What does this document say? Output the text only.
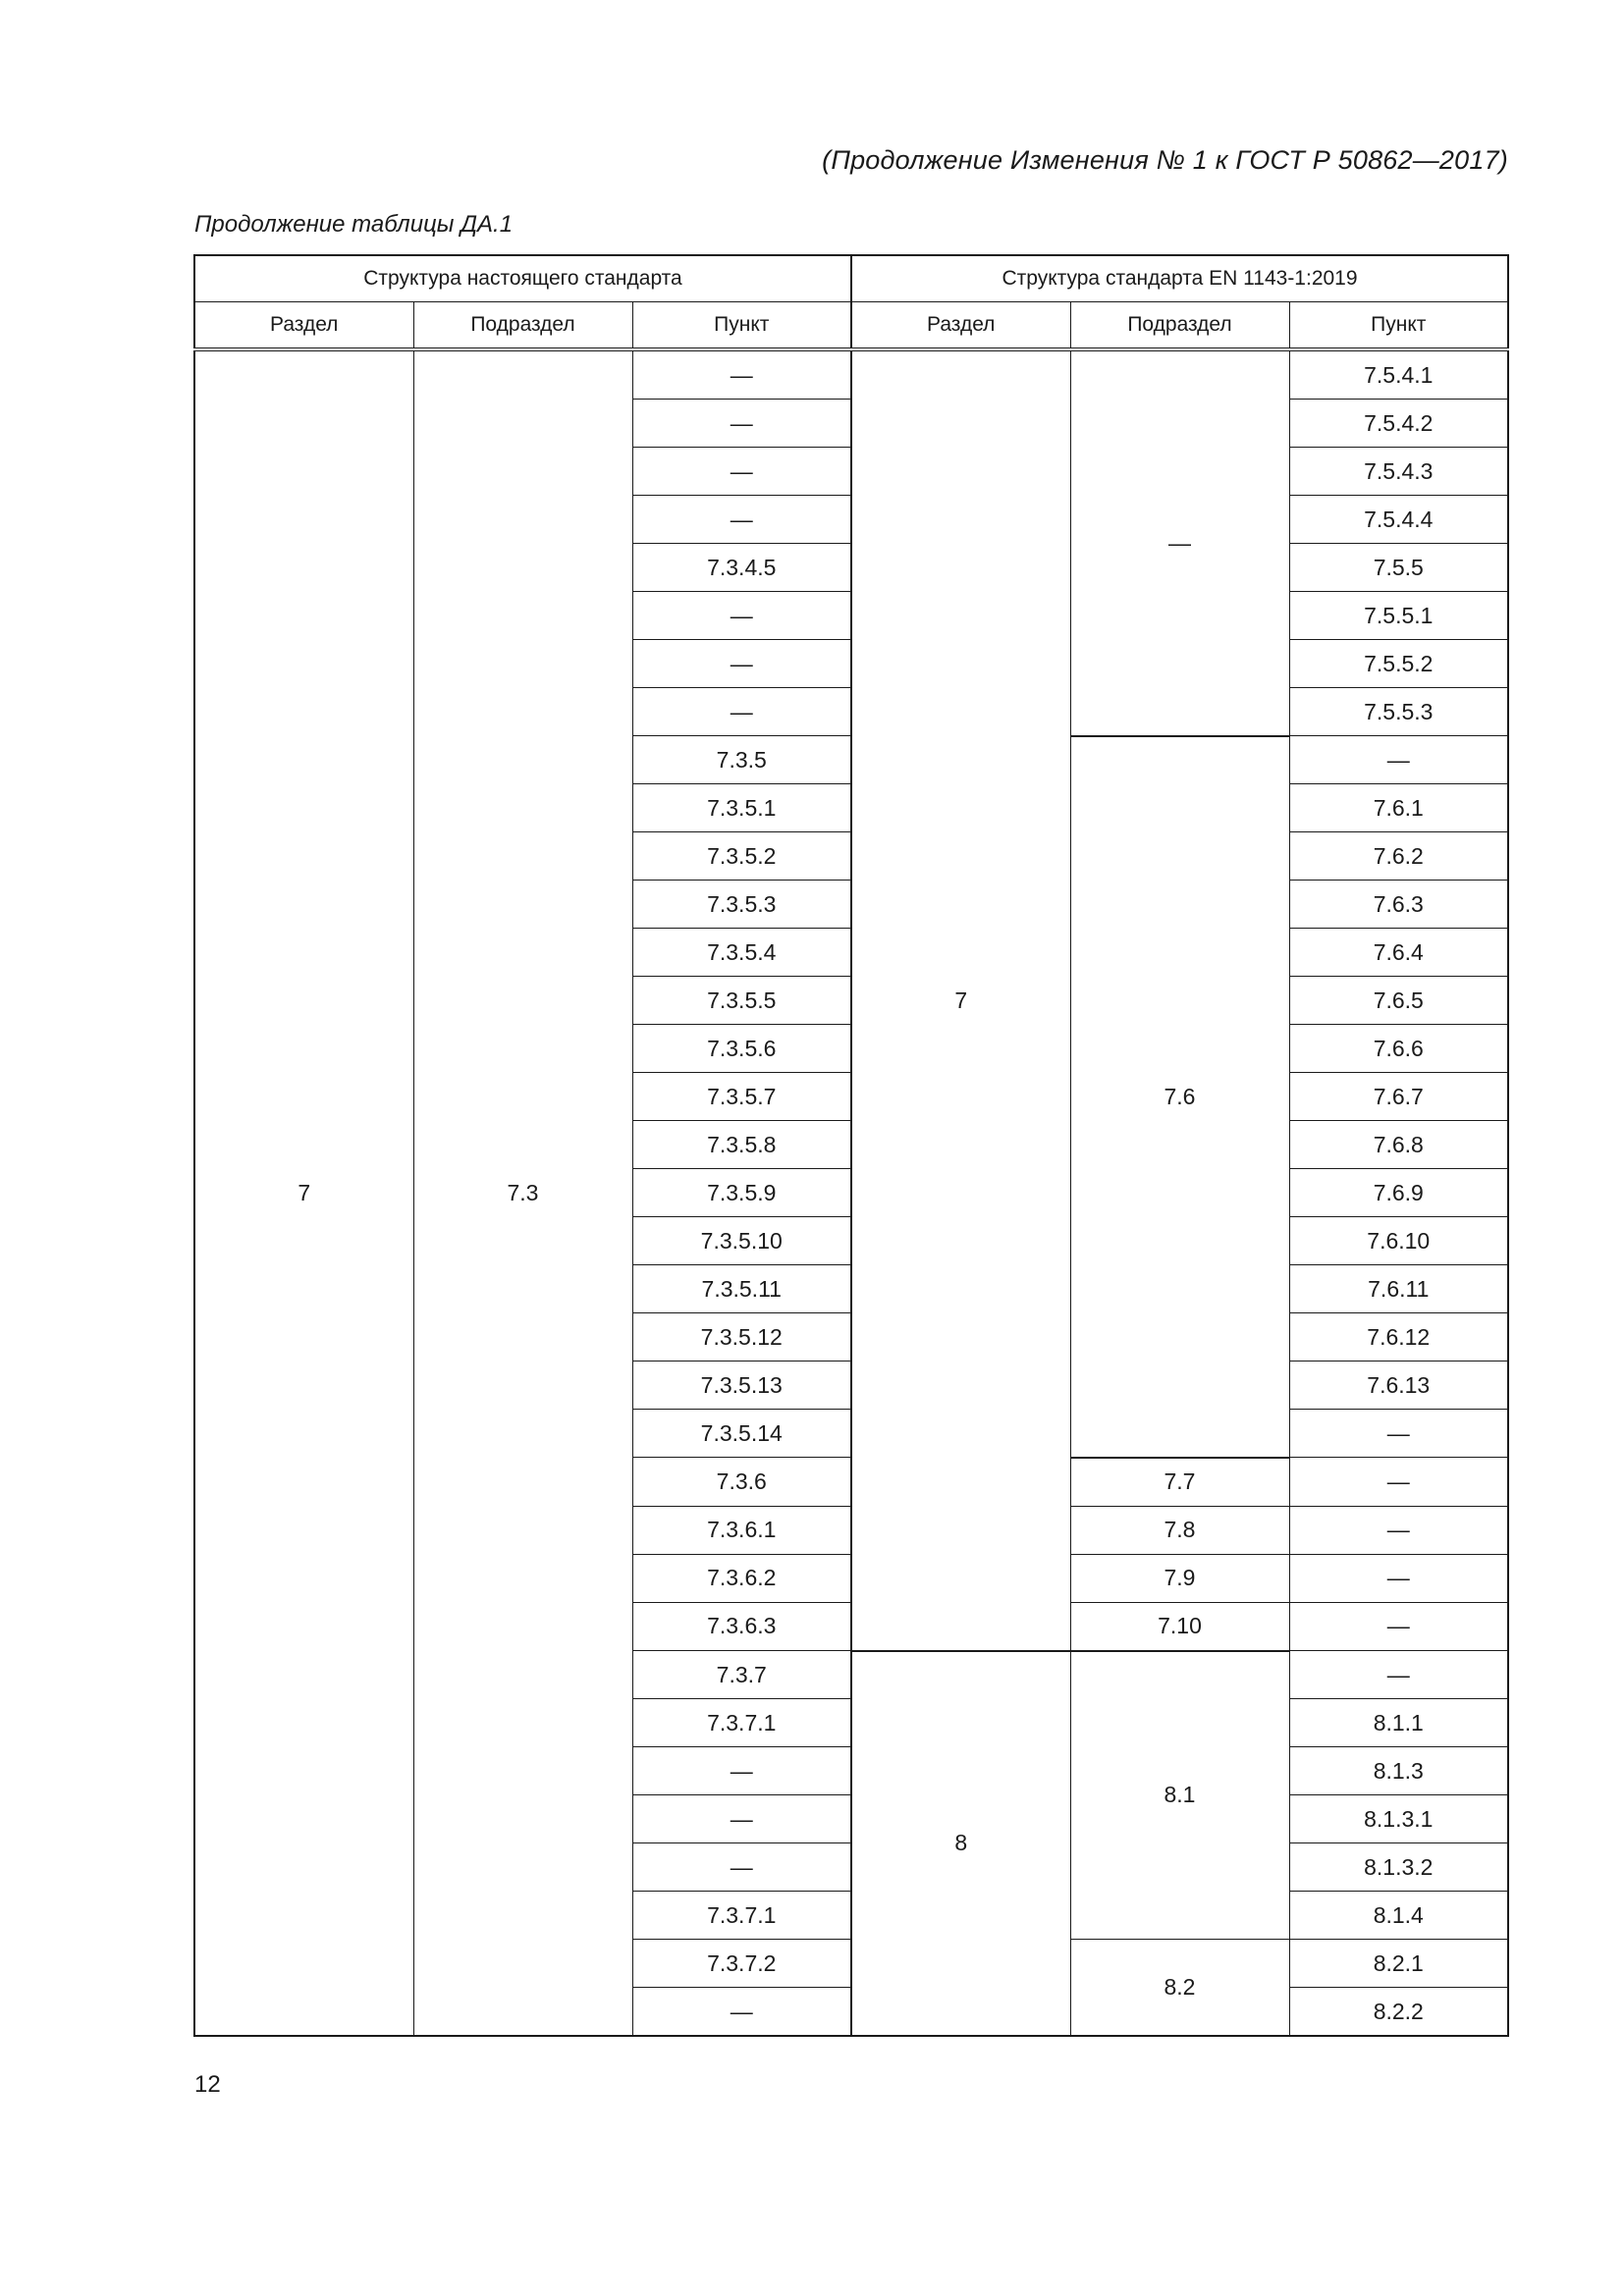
(Продолжение Изменения № 1 к ГОСТ Р 50862—2017)
Продолжение таблицы ДА.1
Структура настоящего стандарта			Структура стандарта EN 1143-1:2019		
Раздел	Подраздел	Пункт	Раздел	Подраздел	Пункт
7	7.3	—	7	—	7.5.4.1
		—			7.5.4.2
		—			7.5.4.3
		—			7.5.4.4
		7.3.4.5			7.5.5
		—			7.5.5.1
		—			7.5.5.2
		—			7.5.5.3
		7.3.5		7.6	—
		7.3.5.1			7.6.1
		7.3.5.2			7.6.2
		7.3.5.3			7.6.3
		7.3.5.4			7.6.4
		7.3.5.5			7.6.5
		7.3.5.6			7.6.6
		7.3.5.7			7.6.7
		7.3.5.8			7.6.8
		7.3.5.9			7.6.9
		7.3.5.10			7.6.10
		7.3.5.11			7.6.11
		7.3.5.12			7.6.12
		7.3.5.13			7.6.13
		7.3.5.14			—
		7.3.6		7.7	—
		7.3.6.1		7.8	—
		7.3.6.2		7.9	—
		7.3.6.3		7.10	—
		7.3.7	8	8.1	—
		7.3.7.1			8.1.1
		—			8.1.3
		—			8.1.3.1
		—			8.1.3.2
		7.3.7.1			8.1.4
		7.3.7.2		8.2	8.2.1
		—			8.2.2
12
